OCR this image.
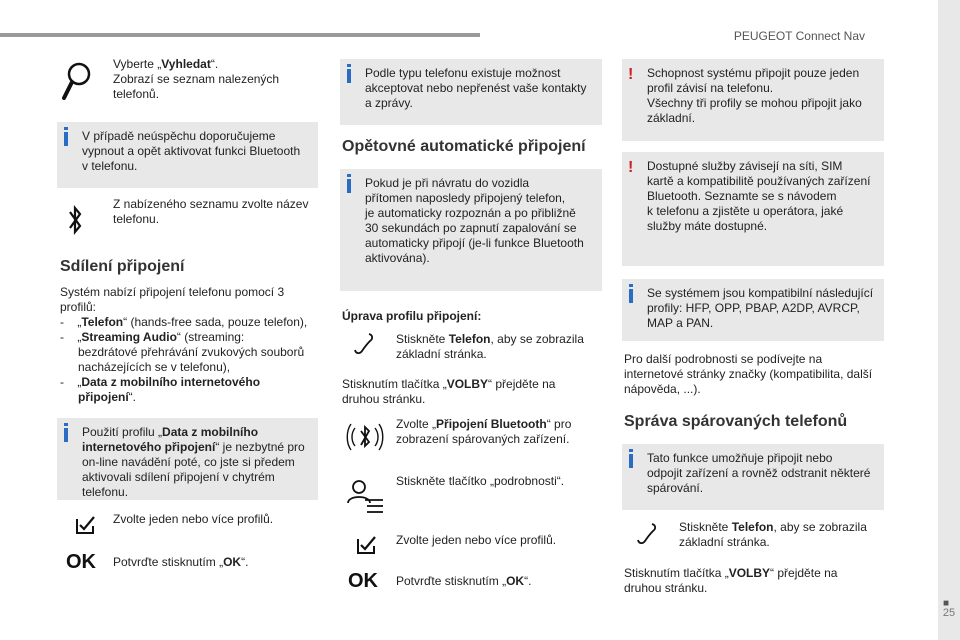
PEUGEOT Connect Nav
■
25
Vyberte „Vyhledat“.
Zobrazí se seznam nalezených
telefonů.
V případě neúspěchu doporučujeme
vypnout a opět aktivovat funkci Bluetooth
v telefonu.
Z nabízeného seznamu zvolte název
telefonu.
Sdílení připojení
Systém nabízí připojení telefonu pomocí 3
profilů:
- „Telefon“ (hands-free sada, pouze telefon),
- „Streaming Audio“ (streaming:
bezdrátové přehrávání zvukových souborů
nacházejících se v telefonu),
- „Data z mobilního internetového
připojení“.
Použití profilu „Data z mobilního
internetového připojení“ je nezbytné pro
on-line navádění poté, co jste si předem
aktivovali sdílení připojení v chytrém
telefonu.
Zvolte jeden nebo více profilů.
OK Potvrďte stisknutím „OK“.
Podle typu telefonu existuje možnost
akceptovat nebo nepřenést vaše kontakty
a zprávy.
Opětovné automatické připojení
Pokud je při návratu do vozidla
přítomen naposledy připojený telefon,
je automaticky rozpoznán a po přibližně
30 sekundách po zapnutí zapalování se
automaticky připojí (je-li funkce Bluetooth
aktivována).
Úprava profilu připojení:
Stiskněte Telefon, aby se zobrazila
základní stránka.
Stisknutím tlačítka „VOLBY“ přejděte na
druhou stránku.
Zvolte „Připojení Bluetooth“ pro
zobrazení spárovaných zařízení.
Stiskněte tlačítko „podrobnosti“.
Zvolte jeden nebo více profilů.
OK Potvrďte stisknutím „OK“.
! Schopnost systému připojit pouze jeden
profil závisí na telefonu.
Všechny tři profily se mohou připojit jako
základní.
! Dostupné služby závisejí na síti, SIM
kartě a kompatibilitě používaných zařízení
Bluetooth. Seznamte se s návodem
k telefonu a zjistěte u operátora, jaké
služby máte dostupné.
Se systémem jsou kompatibilní následující
profily: HFP, OPP, PBAP, A2DP, AVRCP,
MAP a PAN.
Pro další podrobnosti se podívejte na
internetové stránky značky (kompatibilita, další
nápověda, ...).
Správa spárovaných telefonů
Tato funkce umožňuje připojit nebo
odpojit zařízení a rovněž odstranit některé
spárování.
Stiskněte Telefon, aby se zobrazila
základní stránka.
Stisknutím tlačítka „VOLBY“ přejděte na
druhou stránku.
